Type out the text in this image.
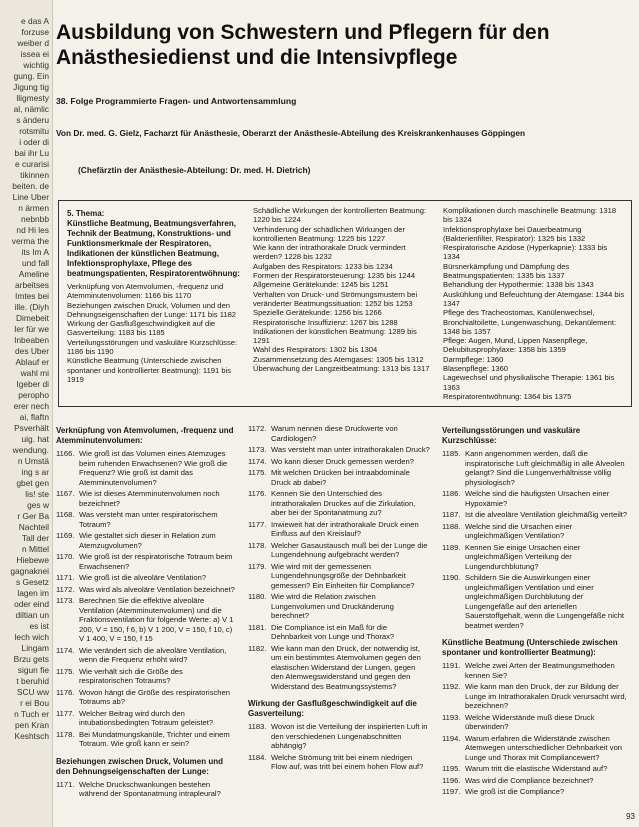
e das A
forzuse
weiber d
issea ei
wichtig
gung. Ein
Jigung tig
lligmesty
al, nämlic
s änderu
rotsmitu
i oder di
bai ihr Lu
e curarisi
tikinnen
beiten. de
Line Uber
n ärmen
nebnbb
nd Hi les
verma the
its Im A
und fall
Ameline
arbeitses
Imtes bei
ille. (Diyh
Dimebeit
Ier für we
Inbeaben
des Uber
Ablauf er
wahl mi
Igeber di
peropho
erer nech
ai, flaftn
Psverhält
uig. hat
wendung.
n Umstä
ing s ar
gbet gen
lis! ste
ges w
r Ger Ba
Nachteil
Tall der
n Mittel
Hiebewe
gagnaknei
s Gesetz
lagen im
oder eind
diltian un
es ist
lech wich
Lingam
Brzu gets
sigun fie
t beruhid
SCU ww
r ei Bou
n Tuch er
pen Kran
Keshtsch
Ausbildung von Schwestern und Pflegern für den Anästhesiedienst und die Intensivpflege
38. Folge Programmierte Fragen- und Antwortensammlung
Von Dr. med. G. Gielz, Facharzt für Anästhesie, Oberarzt der Anästhesie-Abteilung des Kreiskrankenhauses Göppingen
(Chefärztin der Anästhesie-Abteilung: Dr. med. H. Dietrich)
5. Thema:
Künstliche Beatmung, Beatmungsverfahren, Technik der Beatmung, Konstruktions- und Funktionsmerkmale der Respiratoren, Indikationen der künstlichen Beatmung, Infektionsprophylaxe, Pflege des beatmungspatienten, Respiratorentwöhnung:
Verknüpfung von Atemvolumen, -frequenz und Atemminutenvolumen: 1166 bis 1170
Beziehungen zwischen Druck, Volumen und den Dehnungseigenschaften der Lunge: 1171 bis 1182
Wirkung der Gasflußgeschwindigkeit auf die Gasverteilung: 1183 bis 1185
Verteilungsstörungen und vaskuläre Kurzschlüsse: 1186 bis 1190
Künstliche Beatmung (Unterschiede zwischen spontaner und kontrollierter Beatmung): 1191 bis 1919
Schädliche Wirkungen der kontrollierten Beatmung: 1220 bis 1224
Verhinderung der schädlichen Wirkungen der kontrollierten Beatmung: 1225 bis 1227
Wie kann der intrathorakale Druck vermindert werden? 1228 bis 1232
Aufgaben des Respirators: 1233 bis 1234
Formen der Respiratorsteuerung: 1235 bis 1244
Allgemeine Gerätekunde: 1245 bis 1251
Verhalten von Druck- und Strömungsmustern bei veränderter Beatmungssituation: 1252 bis 1253
Spezielle Gerätekunde: 1256 bis 1266
Respiratorische Insuffizienz: 1267 bis 1288
Indikationen der künstlichen Beatmung: 1289 bis 1291
Wahl des Respirators: 1302 bis 1304
Zusammensetzung des Atemgases: 1305 bis 1312
Überwachung der Langzeitbeatmung: 1313 bis 1317
Komplikationen durch maschinelle Beatmung: 1318 bis 1324
Infektionsprophylaxe bei Dauerbeatmung (Bakterienfilter, Respirator): 1325 bis 1332
Respiratorische Azidose (Hyperkapnie): 1333 bis 1334
Bürsnerkämpfung und Dämpfung des Beatmungspatienten: 1335 bis 1337
Behandlung der Hypothermie: 1338 bis 1343
Auskühlung und Befeuchtung der Atemgase: 1344 bis 1347
Pflege des Tracheostomas, Kanülenwechsel, Bronchialtoilette, Lungenwaschung, Dekanülement: 1348 bis 1357
Pflege: Augen, Mund, Lippen Nasenpflege, Dekubitusprophylaxe: 1358 bis 1359
Darmpflege: 1360
Blasenpflege: 1360
Lagewechsel und physikalische Therapie: 1361 bis 1363
Respiratorentwöhnung: 1364 bis 1375
Verknüpfung von Atemvolumen, -frequenz und Atemminutenvolumen:
1166. Wie groß ist das Volumen eines Atemzuges beim ruhenden Erwachsenen? Wie groß die Frequenz? Wie groß ist damit das Atemminutenvolumen?
1167. Wie ist dieses Atemminutenvolumen noch bezeichnet?
1168. Was versteht man unter respiratorischem Totraum?
1169. Wie gestaltet sich dieser in Relation zum Atemzugvolumen?
1170. Wie groß ist der respiratorische Totraum beim Erwachsenen?
1171. Wie groß ist die alveoläre Ventilation?
1172. Was wird als alveoläre Ventilation bezeichnet?
1173. Berechnen Sie die effektive alveoläre Ventilation (Atemminutenvolumen) und die Fraktionsventilation für folgende Werte: a) V 1 200, V = 150, f 6, b) V 1 200, V = 150, f 10, c) V 1 400, V = 150, f 15
1174. Wie verändert sich die alveoläre Ventilation, wenn die Frequenz erhöht wird?
1175. Wie verhält sich die Größe des respiratorischen Totraums?
1176. Wovon hängt die Größe des respiratorischen Totraums ab?
1177. Welcher Beitrag wird durch den intubationsbedingten Totraum geleistet?
1178. Bei Mundatmungskanüle, Trichter und einem Totraum. Wie groß kann er sein?
Beziehungen zwischen Druck, Volumen und den Dehnungseigenschaften der Lunge:
1171. Welche Druckschwankungen bestehen während der Spontanatmung intrapleural?
1172. Warum nennen diese Druckwerte von Cardiologen?
1173. Was versteht man unter intrathorakalen Druck?
1174. Wo kann dieser Druck gemessen werden?
1175. Mit welchen Drücken bei intraabdominale Druck ab dabei?
1176. Kennen Sie den Unterschied des intrathorakalen Druckes auf die Zirkulation, aber bei der Spontanatmung zu?
1177. Inwieweit hat der intrathorakale Druck einen Einfluss auf den Kreislauf?
1178. Welcher Gasaustausch muß bei der Lunge die Lungendehnung aufgebracht werden?
1179. Wie wird mit der gemessenen Lungendehnungsgröße der Dehnbarkeit gemessen? Ein Einheiten für Compliance?
1180. Wie wird die Relation zwischen Lungenvolumen und Druckänderung berechnet?
1181. Die Compliance ist ein Maß für die Dehnbarkeit von Lunge und Thorax?
1182. Wie kann man den Druck, der notwendig ist, um ein bestimmtes Atemvolumen gegen den elastischen Widerstand der Lungen, gegen den Atemwegswiderstand und gegen den Widerstand des Beatmungssystems?
Wirkung der Gasflußgeschwindigkeit auf die Gasverteilung:
1183. Wovon ist die Verteilung der inspirierten Luft in den verschiedenen Lungenabschnitten abhängig?
1184. Welche Strömung tritt bei einem niedrigen Flow auf, was tritt bei einem hohen Flow auf?
Verteilungsstörungen und vaskuläre Kurzschlüsse:
1185. Kann angenommen werden, daß die inspiratorische Luft gleichmäßig in alle Alveolen gelangt? Sind die Lungenverhältnisse völlig physiologisch?
1186. Welche sind die häufigsten Ursachen einer Hypoxämie?
1187. Ist die alveoläre Ventilation gleichmäßig verteilt?
1188. Welche sind die Ursachen einer ungleichmäßigen Ventilation?
1189. Kennen Sie einige Ursachen einer ungleichmäßigen Verteilung der Lungendurchblutung?
1190. Schildern Sie die Auswirkungen einer ungleichmäßigen Ventilation und einer ungleichmäßigen Durchblutung der Lungengefäße auf den arteriellen Sauerstoffgehalt, wenn die Lungengefäße nicht beatmet werden?
Künstliche Beatmung (Unterschiede zwischen spontaner und kontrollierter Beatmung):
1191. Welche zwei Arten der Beatmungsmethoden kennen Sie?
1192. Wie kann man den Druck, der zur Bildung der Lunge im Intrathorakalen Druck verursacht wird, bezeichnen?
1193. Welche Widerstände muß diese Druck überwinden?
1194. Warum erfahren die Widerstände zwischen Atemwegen unterschiedlicher Dehnbarkeit von Lunge und Thorax mit Compliancewert?
1195. Warum tritt die elastische Widerstand auf?
1196. Was wird die Compliance bezeichnet?
1197. Wie groß ist die Compliance?
93
